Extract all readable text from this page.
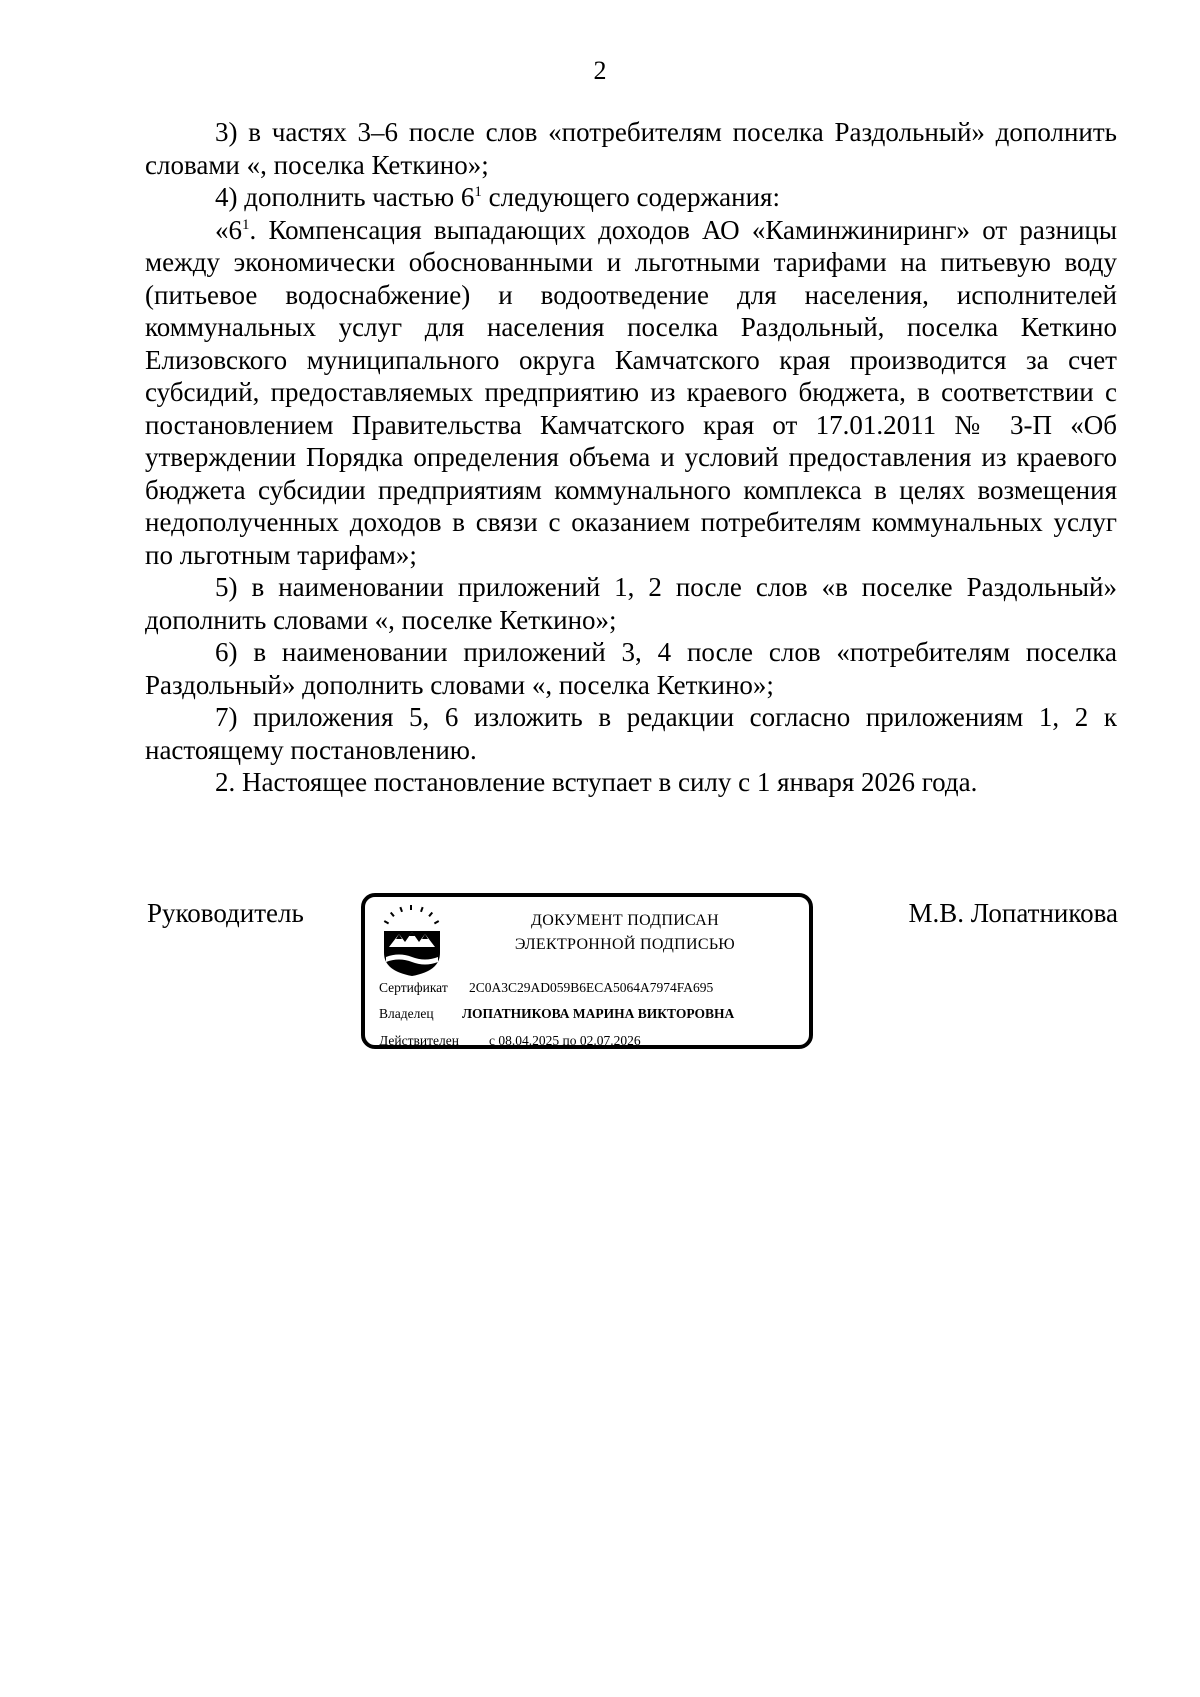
2

3) в частях 3–6 после слов «потребителям поселка Раздольный» дополнить словами «, поселка Кеткино»;

4) дополнить частью $6^1$ следующего содержания:

«$6^1$. Компенсация выпадающих доходов АО «Каминжиниринг» от разницы между экономически обоснованными и льготными тарифами на питьевую воду (питьевое водоснабжение) и водоотведение для населения, исполнителей коммунальных услуг для населения поселка Раздольный, поселка Кеткино Елизовского муниципального округа Камчатского края производится за счет субсидий, предоставляемых предприятию из краевого бюджета, в соответствии с постановлением Правительства Камчатского края от 17.01.2011 № 3-П «Об утверждении Порядка определения объема и условий предоставления из краевого бюджета субсидии предприятиям коммунального комплекса в целях возмещения недополученных доходов в связи с оказанием потребителям коммунальных услуг по льготным тарифам»;

5) в наименовании приложений 1, 2 после слов «в поселке Раздольный» дополнить словами «, поселке Кеткино»;

6) в наименовании приложений 3, 4 после слов «потребителям поселка Раздольный» дополнить словами «, поселка Кеткино»;

7) приложения 5, 6 изложить в редакции согласно приложениям 1, 2 к настоящему постановлению.

2. Настоящее постановление вступает в силу с 1 января 2026 года.

Руководитель	М.В. Лопатникова
ДОКУМЕНТ ПОДПИСАН
ЭЛЕКТРОННОЙ ПОДПИСЬЮ
Сертификат 2C0A3C29AD059B6ECA5064A7974FA695
Владелец ЛОПАТНИКОВА МАРИНА ВИКТОРОВНА
Действителен с 08.04.2025 по 02.07.2026
